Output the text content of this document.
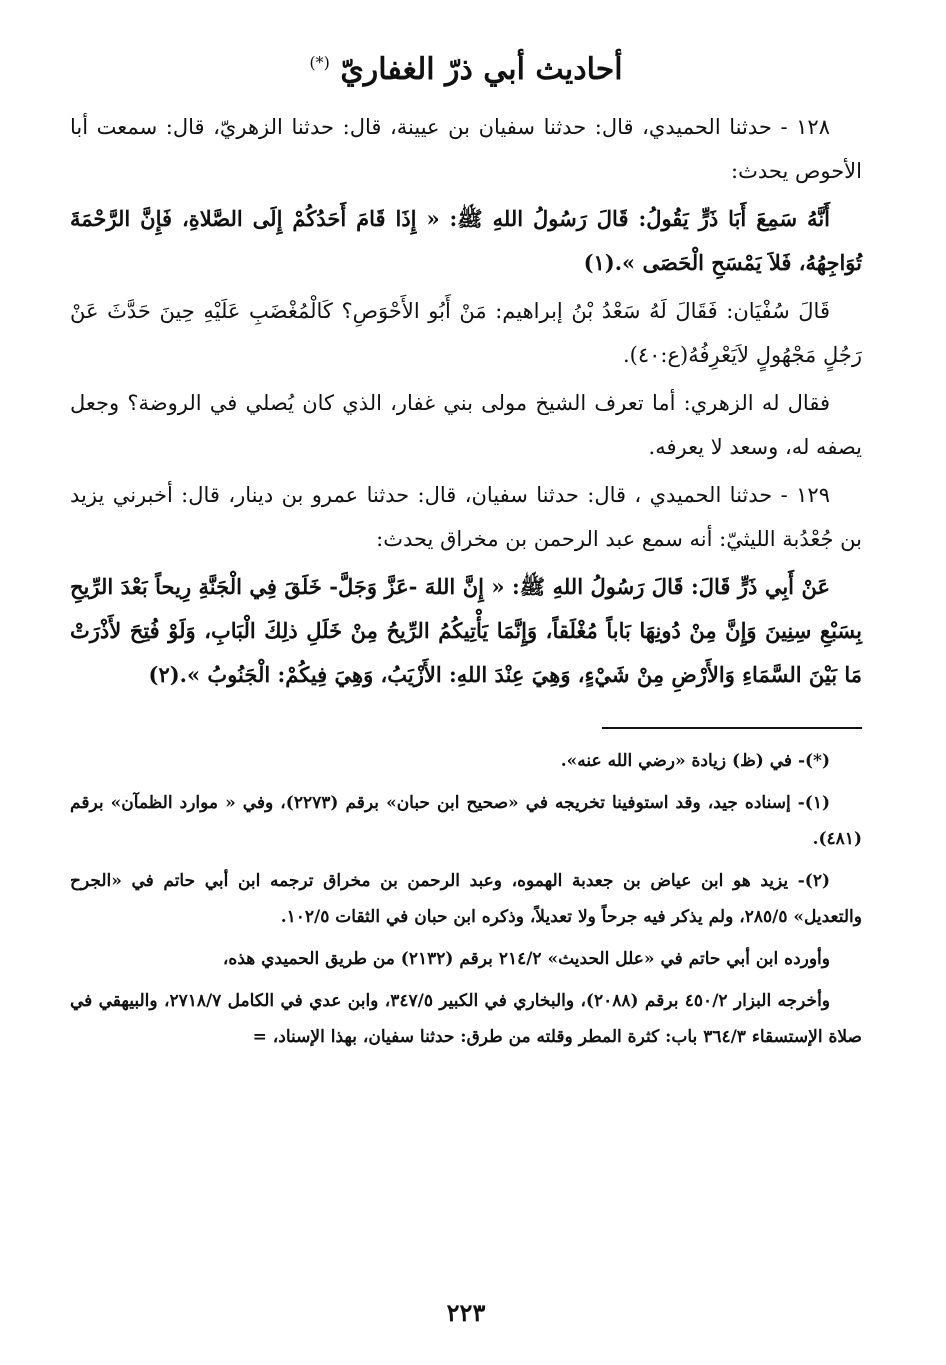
أحاديث أبي ذرّ الغفاريّ (*)

١٢٨ - حدثنا الحميدي، قال: حدثنا سفيان بن عيينة، قال: حدثنا الزهريّ، قال: سمعت أبا الأحوص يحدث:

أَنَّهُ سَمِعَ أَبَا ذَرٍّ يَقُولُ: قَالَ رَسُولُ اللهِ ﷺ: « إِذَا قَامَ أَحَدُكُمْ إِلَى الصَّلاةِ، فَإِنَّ الرَّحْمَةَ تُوَاجِهُهُ، فَلاَ يَمْسَحِ الْحَصَى ».(١)

قَالَ سُفْيَان: فَقَالَ لَهُ سَعْدُ بْنُ إبراهيم: مَنْ أَبُو الأَحْوَصِ؟ كَالْمُغْضَبِ عَلَيْهِ حِينَ حَدَّثَ عَنْ رَجُلٍ مَجْهُولٍ لاَيَعْرِفُهُ(ع:٤٠).

فقال له الزهري: أما تعرف الشيخ مولى بني غفار، الذي كان يُصلي في الروضة؟ وجعل يصفه له، وسعد لا يعرفه.

١٢٩ - حدثنا الحميدي ، قال: حدثنا سفيان، قال: حدثنا عمرو بن دينار، قال: أخبرني يزيد بن جُعْدُبة الليثيّ: أنه سمع عبد الرحمن بن مخراق يحدث:

عَنْ أَبِي ذَرٍّ قَالَ: قَالَ رَسُولُ اللهِ ﷺ: « إِنَّ اللهَ -عَزَّ وَجَلَّ- خَلَقَ فِي الْجَنَّةِ رِيحاً بَعْدَ الرِّيحِ بِسَبْعِ سِنِينَ وَإِنَّ مِنْ دُونِهَا بَاباً مُغْلَقاً، وَإِنَّمَا يَأْتِيكُمُ الرِّيحُ مِنْ خَلَلِ ذلِكَ الْبَابِ، وَلَوْ فُتِحَ لأَذْرَتْ مَا بَيْنَ السَّمَاءِ وَالأَرْضِ مِنْ شَيْءٍ، وَهِيَ عِنْدَ اللهِ: الأَزْيَبُ، وَهِيَ فِيكُمْ: الْجَنُوبُ ».(٢)

(*)- في (ظ) زيادة «رضي الله عنه».

(١)- إسناده جيد، وقد استوفينا تخريجه في «صحيح ابن حبان» برقم (٢٢٧٣)، وفي « موارد الظمآن» برقم (٤٨١).

(٢)- يزيد هو ابن عياض بن جعدبة الهموه، وعبد الرحمن بن مخراق ترجمه ابن أبي حاتم في «الجرح والتعديل» ٢٨٥/٥، ولم يذكر فيه جرحاً ولا تعديلاً، وذكره ابن حبان في الثقات ١٠٢/٥.

وأورده ابن أبي حاتم في «علل الحديث» ٢١٤/٢ برقم (٢١٣٢) من طريق الحميدي هذه،

وأخرجه البزار ٤٥٠/٢ برقم (٢٠٨٨)، والبخاري في الكبير ٣٤٧/٥، وابن عدي في الكامل ٢٧١٨/٧، والبيهقي في صلاة الإستسقاء ٣٦٤/٣ باب: كثرة المطر وقلته من طرق: حدثنا سفيان، بهذا الإسناد، =

٢٢٣
